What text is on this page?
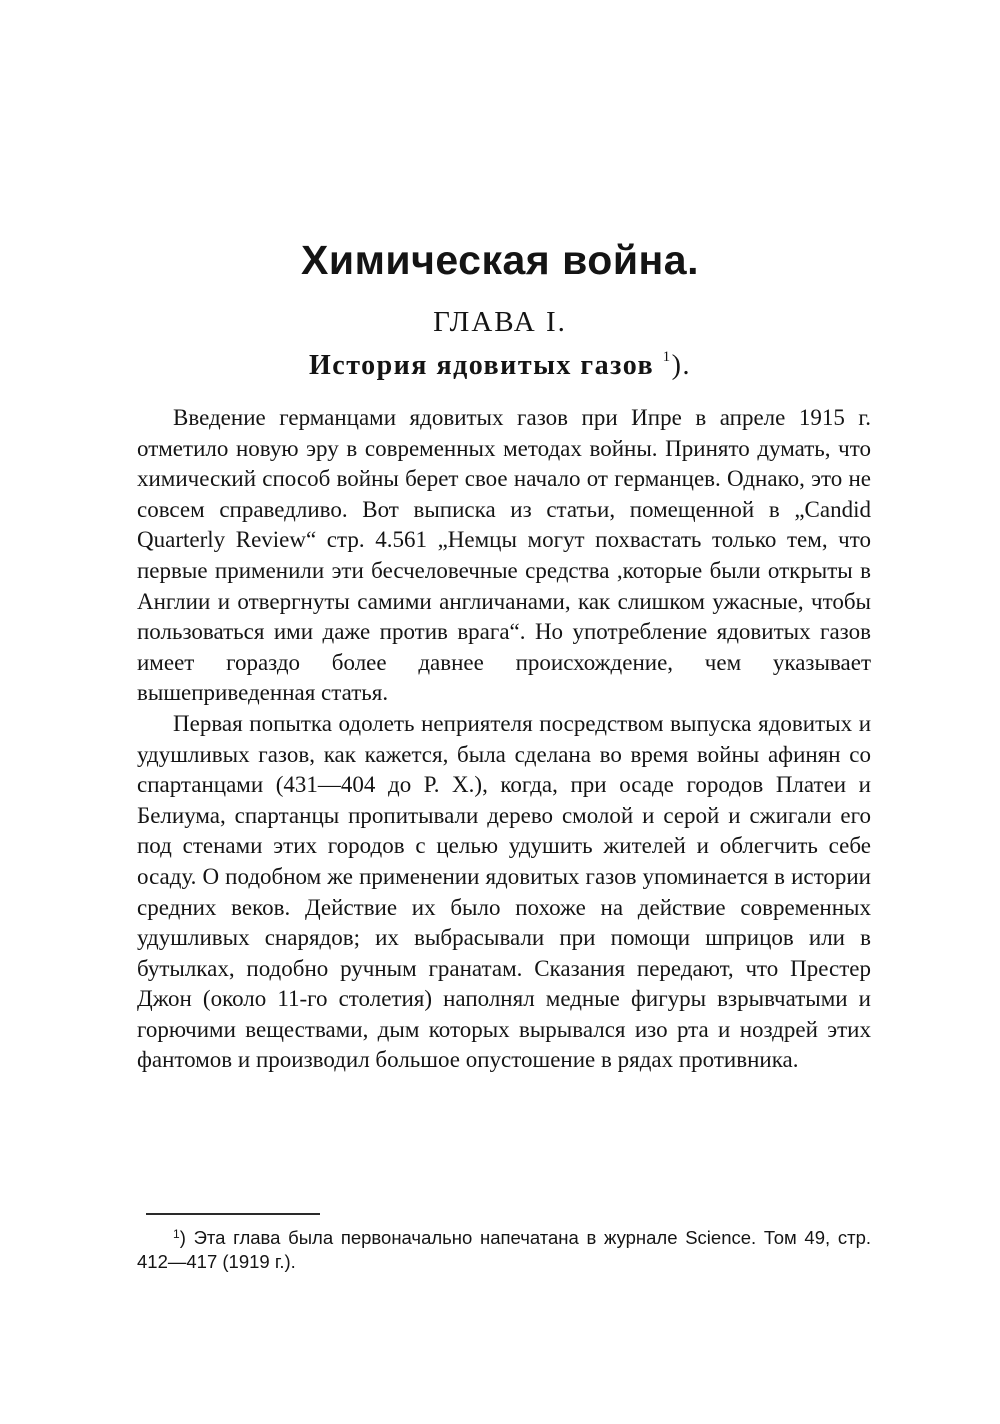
Химическая война.
ГЛАВА I.
История ядовитых газов $^1$).

Введение германцами ядовитых газов при Ипре в апреле 1915 г. отметило новую эру в современных методах войны. Принято думать, что химический способ войны берет свое начало от германцев. Однако, это не совсем справедливо. Вот выписка из статьи, помещенной в „Candid Quarterly Review“ стр. 4.561 „Немцы могут похвастать только тем, что первые применили эти бесчеловечные средства ,которые были открыты в Англии и отвергнуты самими англичанами, как слишком ужасные, чтобы пользоваться ими даже против врага“. Но употребление ядовитых газов имеет гораздо более давнее происхождение, чем указывает вышеприведенная статья.

Первая попытка одолеть неприятеля посредством выпуска ядовитых и удушливых газов, как кажется, была сделана во время войны афинян со спартанцами (431—404 до Р. Х.), когда, при осаде городов Платеи и Белиума, спартанцы пропитывали дерево смолой и серой и сжигали его под стенами этих городов с целью удушить жителей и облегчить себе осаду. О подобном же применении ядовитых газов упоминается в истории средних веков. Действие их было похоже на действие современных удушливых снарядов; их выбрасывали при помощи шприцов или в бутылках, подобно ручным гранатам. Сказания передают, что Престер Джон (около 11-го столетия) наполнял медные фигуры взрывчатыми и горючими веществами, дым которых вырывался изо рта и ноздрей этих фантомов и производил большое опустошение в рядах противника.

$^1$) Эта глава была первоначально напечатана в журнале Science. Том 49, стр. 412—417 (1919 г.).
